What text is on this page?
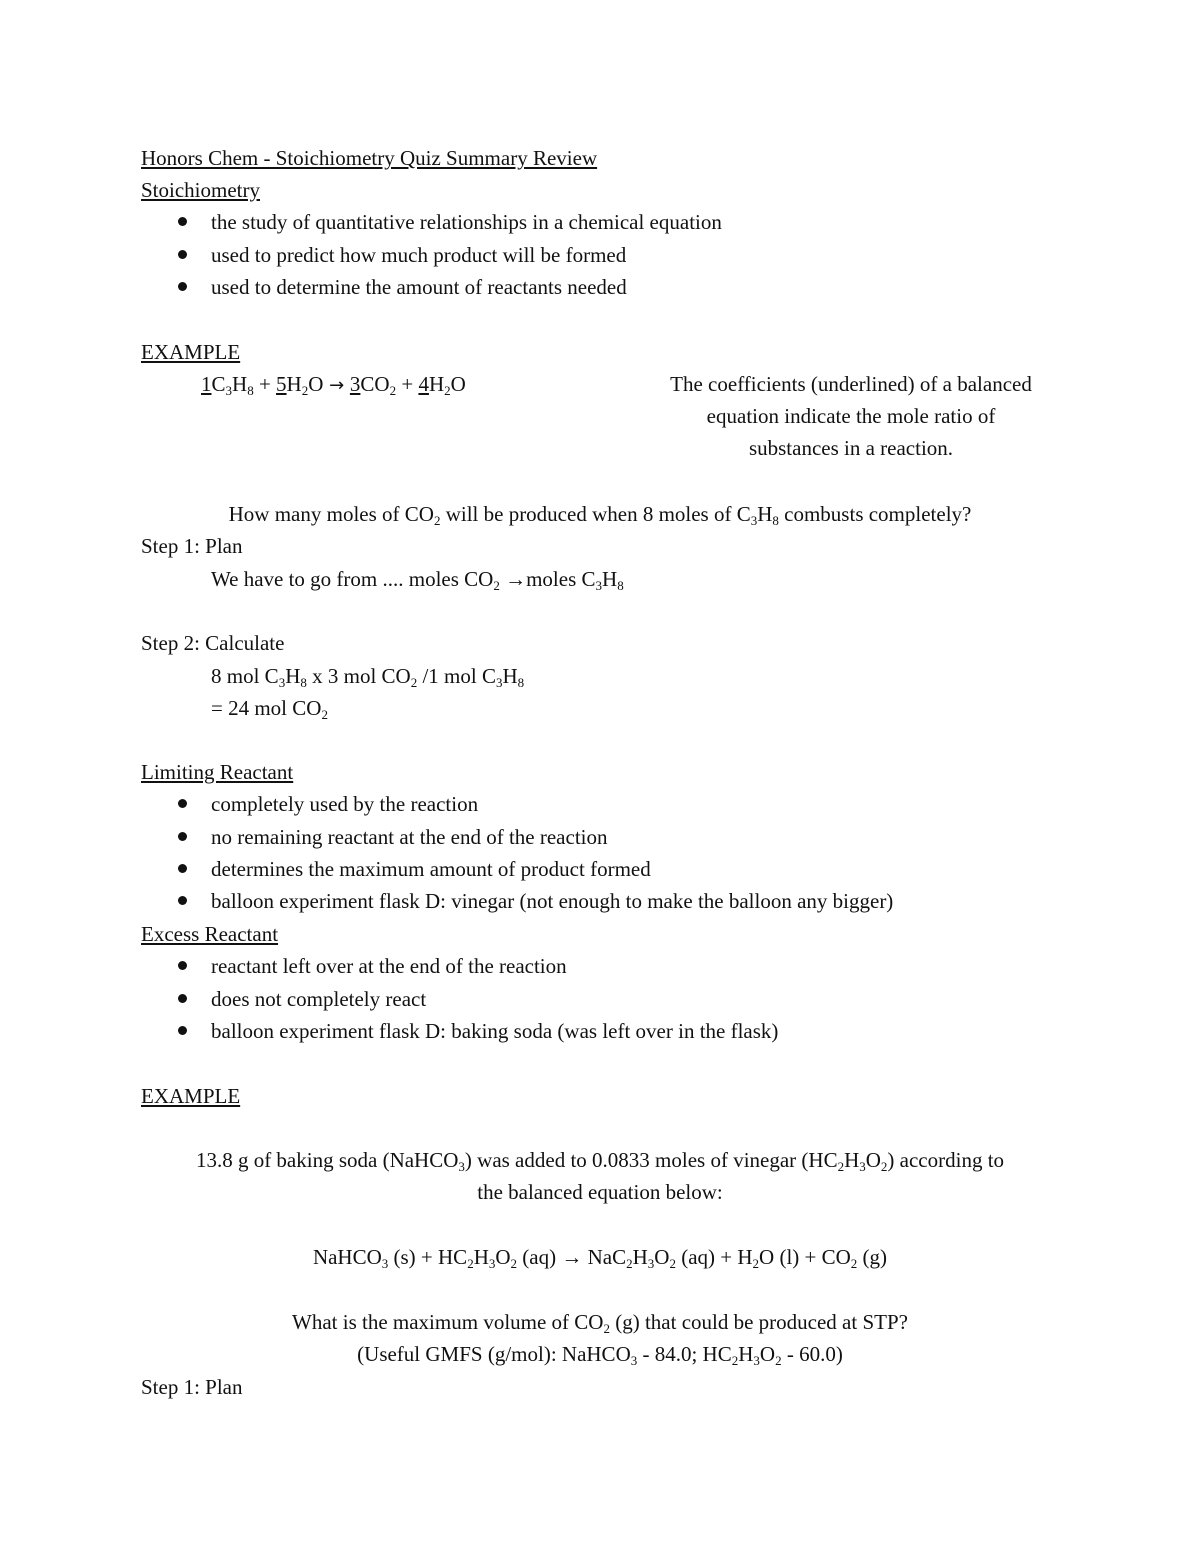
Honors Chem - Stoichiometry Quiz Summary Review
Stoichiometry
the study of quantitative relationships in a chemical equation
used to predict how much product will be formed
used to determine the amount of reactants needed
EXAMPLE
$1C_3H_8 + 5H_2O \to 3CO_2 + 4H_2O$	The coefficients (underlined) of a balanced
equation indicate the mole ratio of
substances in a reaction.
How many moles of $CO_2$ will be produced when 8 moles of $C_3H_8$ combusts completely?
Step 1: Plan
We have to go from .... moles $CO_2$ →moles $C_3H_8$
Step 2: Calculate
8 mol $C_3H_8$ x 3 mol $CO_2$ /1 mol $C_3H_8$
= 24 mol $CO_2$
Limiting Reactant
completely used by the reaction
no remaining reactant at the end of the reaction
determines the maximum amount of product formed
balloon experiment flask D: vinegar (not enough to make the balloon any bigger)
Excess Reactant
reactant left over at the end of the reaction
does not completely react
balloon experiment flask D: baking soda (was left over in the flask)
EXAMPLE
13.8 g of baking soda (NaHCO$_3$) was added to 0.0833 moles of vinegar $(HC_2H_3O_2)$ according to
the balanced equation below:
NaHCO$_3$ $(s) + HC_2H_3O_2$ $(aq) \to NaC_2H_3O_2$ $(aq) + H_2O$ $(l) + CO_2$ (g)
What is the maximum volume of $CO_2$ (g) that could be produced at STP?
(Useful GMFS (g/mol): NaHCO$_3$ - 84.0; $HC_2H_3O_2 - 60.0$)
Step 1: Plan
